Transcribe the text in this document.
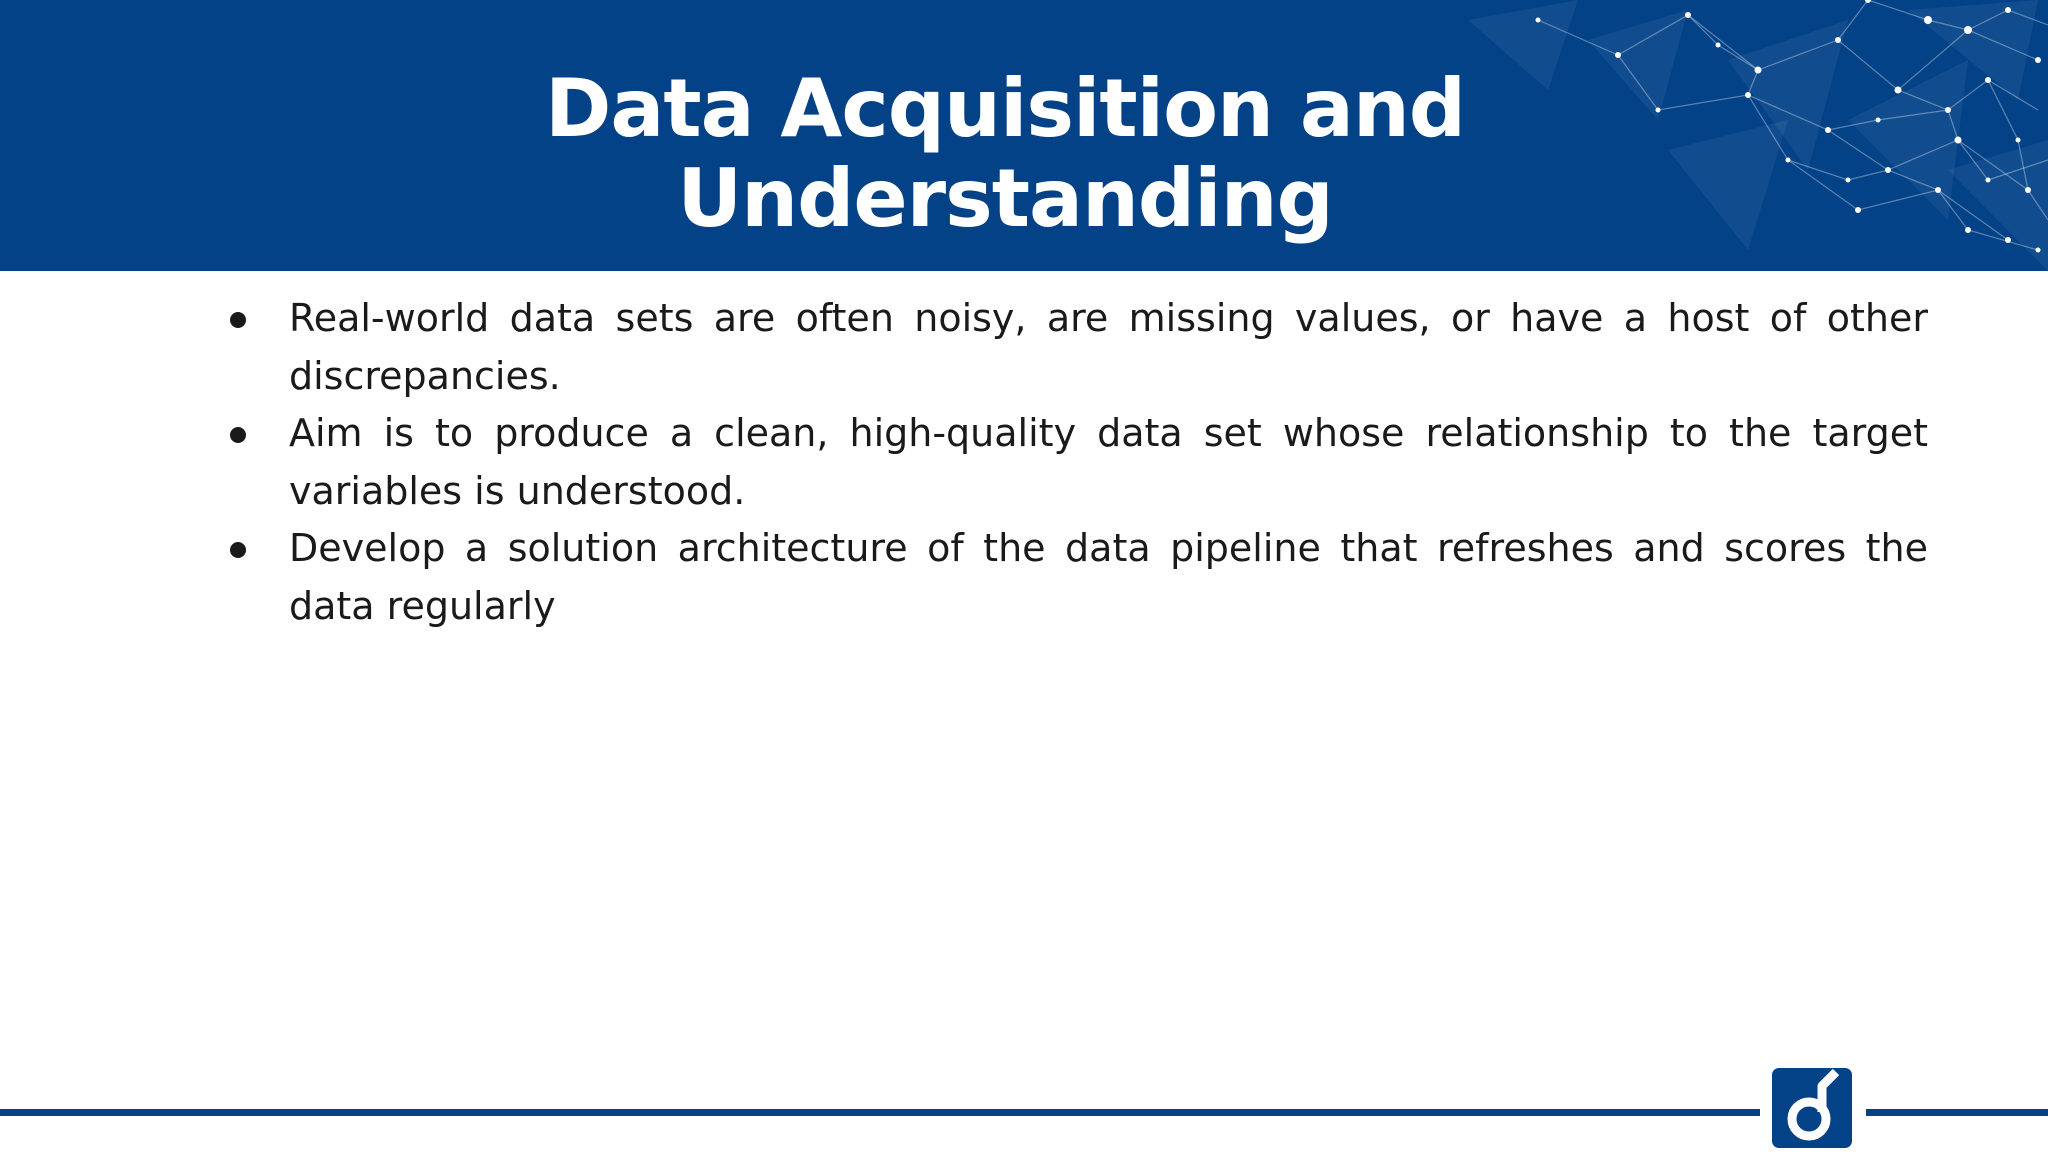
Data Acquisition and
Understanding
Real-world data sets are often noisy, are missing values, or have a host of other discrepancies.
Aim is to produce a clean, high-quality data set whose relationship to the target variables is understood.
Develop a solution architecture of the data pipeline that refreshes and scores the data regularly
